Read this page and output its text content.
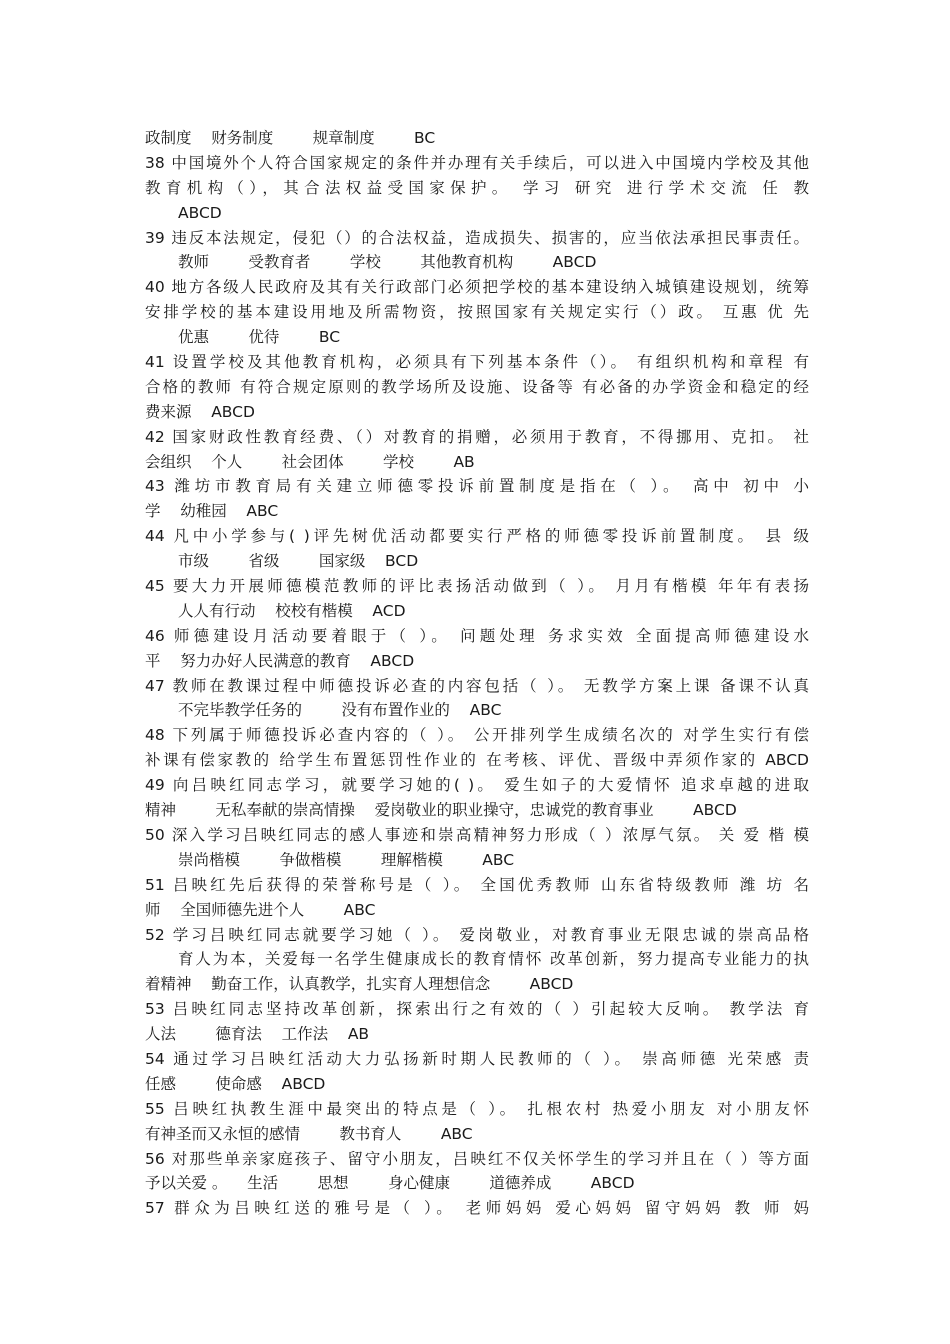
政制度    财务制度        规章制度        BC
38 中国境外个人符合国家规定的条件并办理有关手续后，可以进入中国境内学校及其他
教育机构（），其合法权益受国家保护。 学习 研究 进行学术交流 任 教
ABCD
39 违反本法规定，侵犯（）的合法权益，造成损失、损害的，应当依法承担民事责任。
教师        受教育者        学校        其他教育机构        ABCD
40 地方各级人民政府及其有关行政部门必须把学校的基本建设纳入城镇建设规划，统筹
安排学校的基本建设用地及所需物资，按照国家有关规定实行（）政。 互惠 优 先
优惠        优待        BC
41 设置学校及其他教育机构，必须具有下列基本条件（）。 有组织机构和章程 有
合格的教师 有符合规定原则的教学场所及设施、设备等 有必备的办学资金和稳定的经
费来源    ABCD
42 国家财政性教育经费、（）对教育的捐赠，必须用于教育，不得挪用、克扣。 社
会组织    个人        社会团体        学校        AB
43 潍坊市教育局有关建立师德零投诉前置制度是指在（ ）。 高中 初中 小
学    幼稚园    ABC
44 凡中小学参与( )评先树优活动都要实行严格的师德零投诉前置制度。 县 级
市级        省级        国家级    BCD
45 要大力开展师德模范教师的评比表扬活动做到（ ）。 月月有楷模 年年有表扬
人人有行动    校校有楷模    ACD
46 师德建设月活动要着眼于（ ）。 问题处理 务求实效 全面提高师德建设水
平    努力办好人民满意的教育    ABCD
47 教师在教课过程中师德投诉必查的内容包括（ ）。 无教学方案上课 备课不认真
不完毕教学任务的        没有布置作业的    ABC
48 下列属于师德投诉必查内容的（ ）。 公开排列学生成绩名次的 对学生实行有偿
补课有偿家教的 给学生布置惩罚性作业的 在考核、评优、晋级中弄须作家的 ABCD
49 向吕映红同志学习，就要学习她的( )。 爱生如子的大爱情怀 追求卓越的进取
精神        无私奉献的崇高情操    爱岗敬业的职业操守，忠诚党的教育事业        ABCD
50 深入学习吕映红同志的感人事迹和崇高精神努力形成（ ）浓厚气氛。 关 爱 楷 模
崇尚楷模        争做楷模        理解楷模        ABC
51 吕映红先后获得的荣誉称号是（ ）。 全国优秀教师 山东省特级教师 潍 坊 名
师    全国师德先进个人        ABC
52 学习吕映红同志就要学习她（ ）。 爱岗敬业，对教育事业无限忠诚的崇高品格
育人为本，关爱每一名学生健康成长的教育情怀 改革创新，努力提高专业能力的执
着精神    勤奋工作，认真教学，扎实育人理想信念        ABCD
53 吕映红同志坚持改革创新，探索出行之有效的（ ）引起较大反响。 教学法 育
人法        德育法    工作法    AB
54 通过学习吕映红活动大力弘扬新时期人民教师的（ ）。 崇高师德 光荣感 责
任感        使命感    ABCD
55 吕映红执教生涯中最突出的特点是（ ）。 扎根农村 热爱小朋友 对小朋友怀
有神圣而又永恒的感情        教书育人        ABC
56 对那些单亲家庭孩子、留守小朋友，吕映红不仅关怀学生的学习并且在（ ）等方面
予以关爱 。    生活        思想        身心健康        道德养成        ABCD
57 群众为吕映红送的雅号是（ ）。 老师妈妈 爱心妈妈 留守妈妈 教 师 妈
